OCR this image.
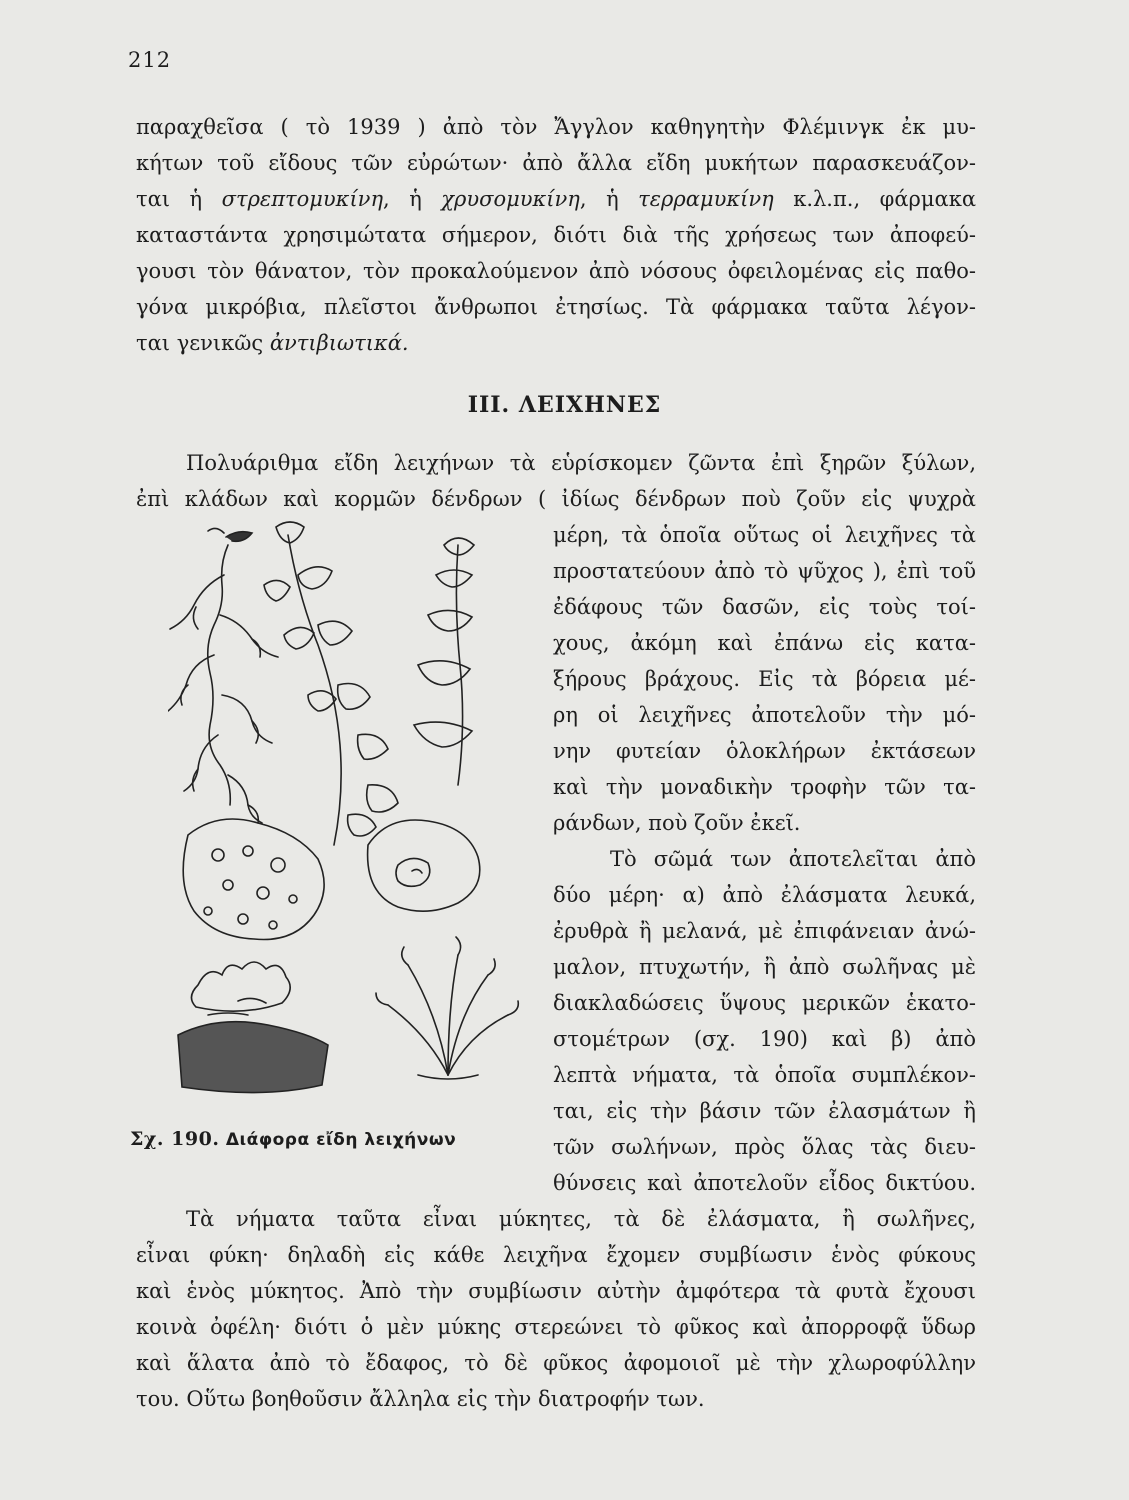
212
παραχθεῖσα ( τὸ 1939 ) ἀπὸ τὸν Ἄγγλον καθηγητὴν Φλέμινγκ ἐκ μυ-
κήτων τοῦ εἴδους τῶν εὐρώτων· ἀπὸ ἄλλα εἴδη μυκήτων παρασκευάζον-
ται ἡ στρεπτομυκίνη, ἡ χρυσομυκίνη, ἡ τερραμυκίνη κ.λ.π., φάρμακα
καταστάντα χρησιμώτατα σήμερον, διότι διὰ τῆς χρήσεως των ἀποφεύ-
γουσι τὸν θάνατον, τὸν προκαλούμενον ἀπὸ νόσους ὀφειλομένας εἰς παθο-
γόνα μικρόβια, πλεῖστοι ἄνθρωποι ἐτησίως. Τὰ φάρμακα ταῦτα λέγον-
ται γενικῶς ἀντιβιωτικά.
ΙΙΙ. ΛΕΙΧΗΝΕΣ
Πολυάριθμα εἴδη λειχήνων τὰ εὑρίσκομεν ζῶντα ἐπὶ ξηρῶν ξύλων,
ἐπὶ κλάδων καὶ κορμῶν δένδρων ( ἰδίως δένδρων ποὺ ζοῦν εἰς ψυχρὰ
μέρη, τὰ ὁποῖα οὕτως οἱ λειχῆνες τὰ
προστατεύουν ἀπὸ τὸ ψῦχος ), ἐπὶ τοῦ
ἐδάφους τῶν δασῶν, εἰς τοὺς τοί-
χους, ἀκόμη καὶ ἐπάνω εἰς κατα-
ξήρους βράχους. Εἰς τὰ βόρεια μέ-
ρη οἱ λειχῆνες ἀποτελοῦν τὴν μό-
νην φυτείαν ὁλοκλήρων ἐκτάσεων
καὶ τὴν μοναδικὴν τροφὴν τῶν τα-
ράνδων, ποὺ ζοῦν ἐκεῖ.
Τὸ σῶμά των ἀποτελεῖται ἀπὸ
δύο μέρη· α) ἀπὸ ἐλάσματα λευκά,
ἐρυθρὰ ἢ μελανά, μὲ ἐπιφάνειαν ἀνώ-
μαλον, πτυχωτήν, ἢ ἀπὸ σωλῆνας μὲ
διακλαδώσεις ὕψους μερικῶν ἑκατο-
στομέτρων (σχ. 190) καὶ β) ἀπὸ
λεπτὰ νήματα, τὰ ὁποῖα συμπλέκον-
ται, εἰς τὴν βάσιν τῶν ἐλασμάτων ἢ
τῶν σωλήνων, πρὸς ὅλας τὰς διευ-
θύνσεις καὶ ἀποτελοῦν εἶδος δικτύου.
Σχ. 190. Διάφορα εἴδη λειχήνων
Τὰ νήματα ταῦτα εἶναι μύκητες, τὰ δὲ ἐλάσματα, ἢ σωλῆνες,
εἶναι φύκη· δηλαδὴ εἰς κάθε λειχῆνα ἔχομεν συμβίωσιν ἑνὸς φύκους
καὶ ἑνὸς μύκητος. Ἀπὸ τὴν συμβίωσιν αὐτὴν ἀμφότερα τὰ φυτὰ ἔχουσι
κοινὰ ὀφέλη· διότι ὁ μὲν μύκης στερεώνει τὸ φῦκος καὶ ἀπορροφᾷ ὕδωρ
καὶ ἅλατα ἀπὸ τὸ ἔδαφος, τὸ δὲ φῦκος ἀφομοιοῖ μὲ τὴν χλωροφύλλην
του. Οὕτω βοηθοῦσιν ἄλληλα εἰς τὴν διατροφήν των.
